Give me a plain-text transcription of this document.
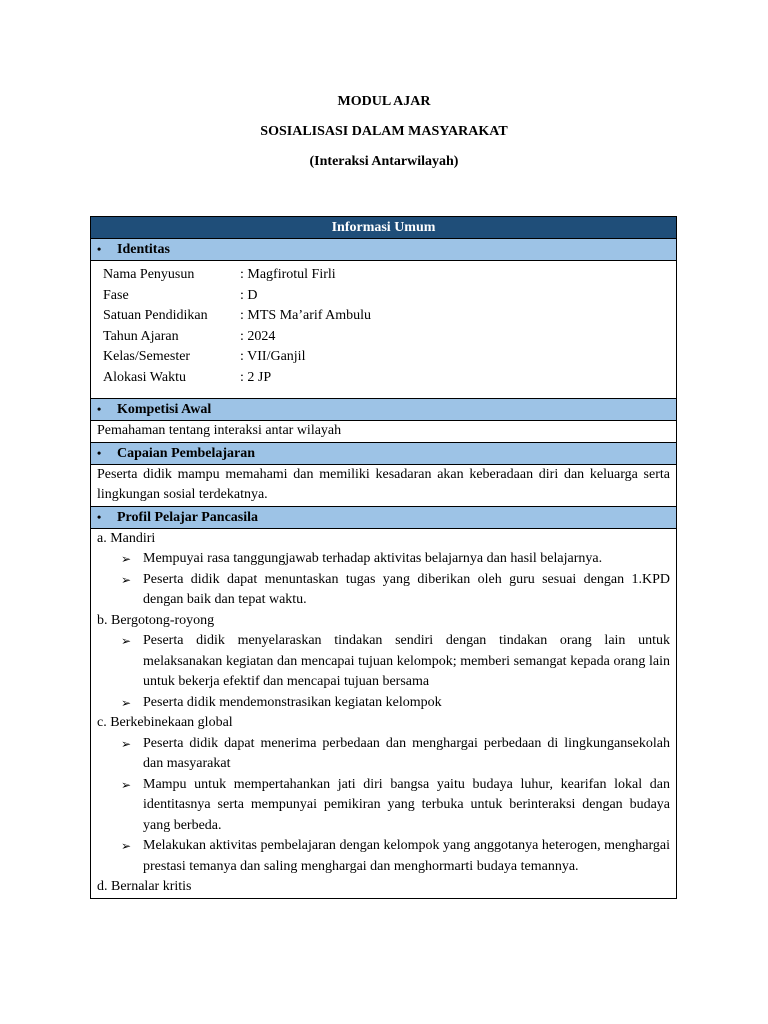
MODUL AJAR
SOSIALISASI DALAM MASYARAKAT
(Interaksi Antarwilayah)
Informasi Umum
•	Identitas
Nama Penyusun	: Magfirotul Firli
Fase	: D
Satuan Pendidikan	: MTS Ma’arif Ambulu
Tahun Ajaran	: 2024
Kelas/Semester	: VII/Ganjil
Alokasi Waktu	: 2 JP
•	Kompetisi Awal
Pemahaman tentang interaksi antar wilayah
•	Capaian Pembelajaran
Peserta didik mampu memahami dan memiliki kesadaran akan keberadaan diri dan keluarga serta lingkungan sosial terdekatnya.
•	Profil Pelajar Pancasila
a. Mandiri
➢ Mempuyai rasa tanggungjawab terhadap aktivitas belajarnya dan hasil belajarnya.
➢ Peserta didik dapat menuntaskan tugas yang diberikan oleh guru sesuai dengan 1.KPD dengan baik dan tepat waktu.
b. Bergotong-royong
➢ Peserta didik menyelaraskan tindakan sendiri dengan tindakan orang lain untuk melaksanakan kegiatan dan mencapai tujuan kelompok; memberi semangat kepada orang lain untuk bekerja efektif dan mencapai tujuan bersama
➢ Peserta didik mendemonstrasikan kegiatan kelompok
c. Berkebinekaan global
➢ Peserta didik dapat menerima perbedaan dan menghargai perbedaan di lingkungansekolah dan masyarakat
➢ Mampu untuk mempertahankan jati diri bangsa yaitu budaya luhur, kearifan lokal dan identitasnya serta mempunyai pemikiran yang terbuka untuk berinteraksi dengan budaya yang berbeda.
➢ Melakukan aktivitas pembelajaran dengan kelompok yang anggotanya heterogen, menghargai prestasi temanya dan saling menghargai dan menghormarti budaya temannya.
d. Bernalar kritis
